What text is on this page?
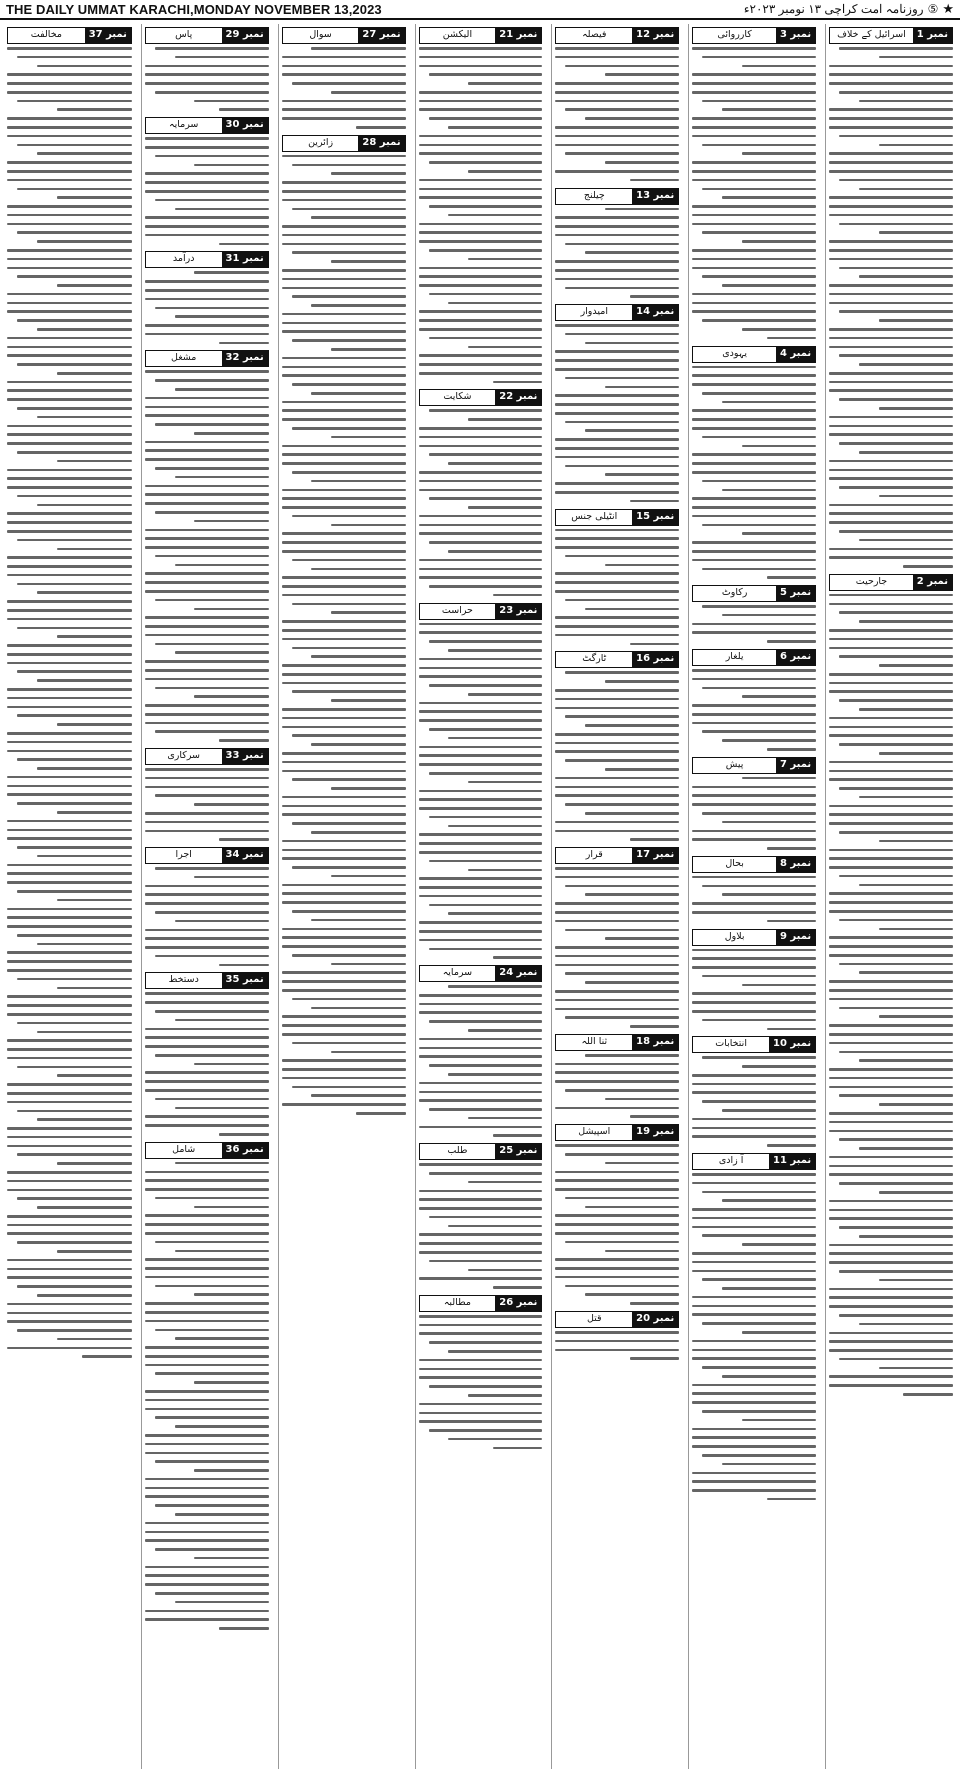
THE DAILY UMMAT KARACHI,MONDAY NOVEMBER 13,2023	★
⑤
روزنامہ امت کراچی ۱۳ نومبر ۲۰۲۳ء
نمبر 1
اسرائیل کے خلاف
نمبر 2
جارحیت
نمبر 3
کارروائی
نمبر 4
یہودی
نمبر 5
رکاوٹ
نمبر 6
یلغار
نمبر 7
پیش
نمبر 8
بحال
نمبر 9
بلاول
نمبر 10
انتخابات
نمبر 11
آ زادی
نمبر 12
فیصلہ
نمبر 13
چیلنج
نمبر 14
امیدوار
نمبر 15
انٹیلی جنس
نمبر 16
ٹارگٹ
نمبر 17
قرار
نمبر 18
ثنا اللہ
نمبر 19
اسپیشل
نمبر 20
قتل
نمبر 21
الیکشن
نمبر 22
شکایت
نمبر 23
حراست
نمبر 24
سرمایہ
نمبر 25
طلب
نمبر 26
مطالبہ
نمبر 27
سوال
نمبر 28
زائرین
نمبر 29
پاس
نمبر 30
سرمایہ
نمبر 31
درآمد
نمبر 32
مشغل
نمبر 33
سرکاری
نمبر 34
اجرا
نمبر 35
دستخط
نمبر 36
شامل
نمبر 37
مخالفت
